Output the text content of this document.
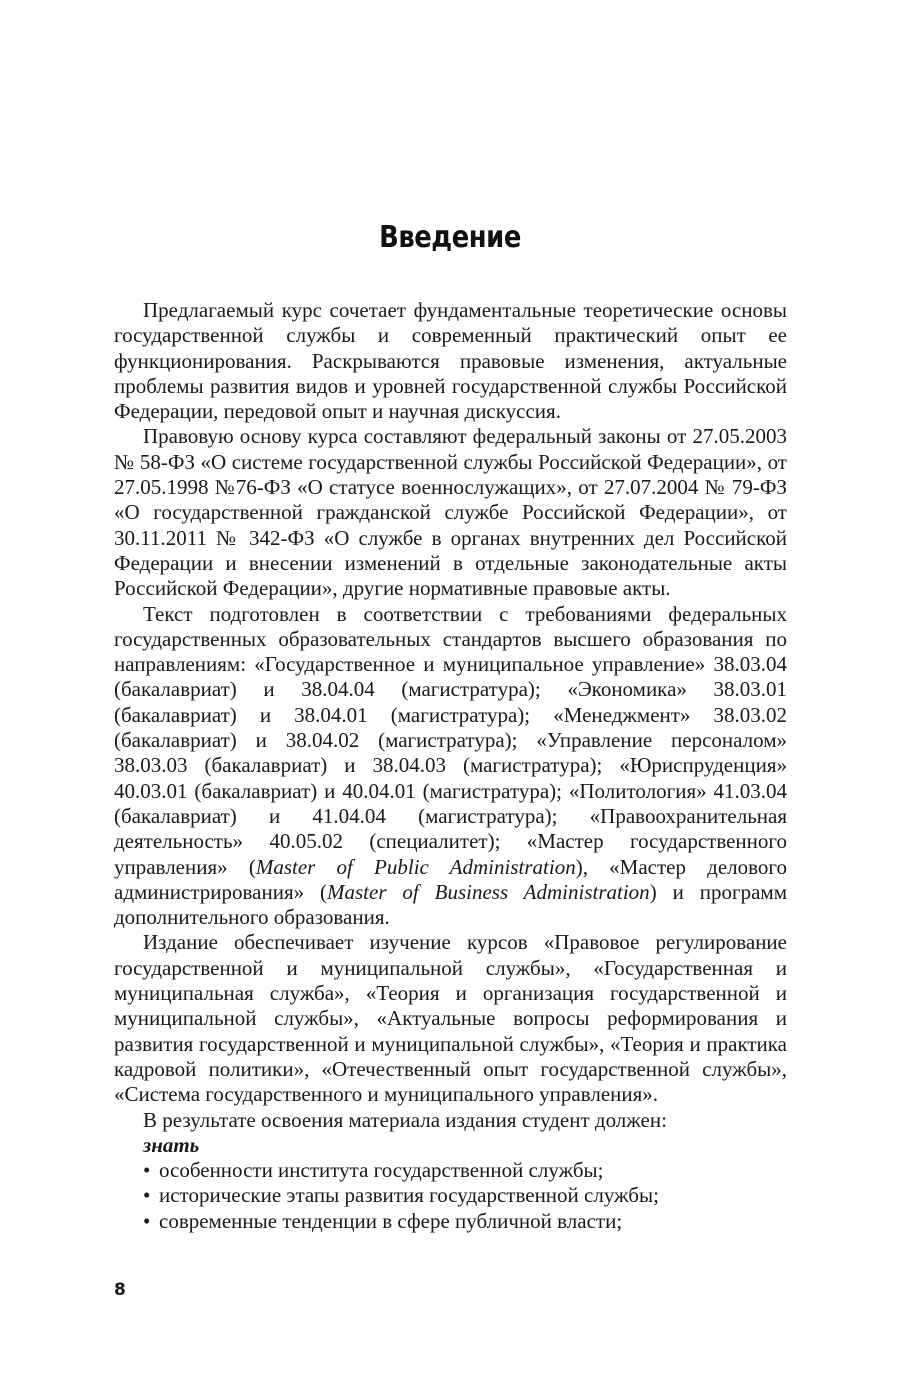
Введение

Предлагаемый курс сочетает фундаментальные теоретические основы государственной службы и современный практический опыт ее функционирования. Раскрываются правовые изменения, актуальные проблемы развития видов и уровней государственной службы Российской Федерации, передовой опыт и научная дискуссия.

Правовую основу курса составляют федеральный законы от 27.05.2003 № 58-ФЗ «О системе государственной службы Российской Федерации», от 27.05.1998 №76-ФЗ «О статусе военнослужащих», от 27.07.2004 № 79-ФЗ «О государственной гражданской службе Российской Федерации», от 30.11.2011 № 342-ФЗ «О службе в органах внутренних дел Российской Федерации и внесении изменений в отдельные законодательные акты Российской Федерации», другие нормативные правовые акты.

Текст подготовлен в соответствии с требованиями федеральных государственных образовательных стандартов высшего образования по направлениям: «Государственное и муниципальное управление» 38.03.04 (бакалавриат) и 38.04.04 (магистратура); «Экономика» 38.03.01 (бакалавриат) и 38.04.01 (магистратура); «Менеджмент» 38.03.02 (бакалавриат) и 38.04.02 (магистратура); «Управление персоналом» 38.03.03 (бакалавриат) и 38.04.03 (магистратура); «Юриспруденция» 40.03.01 (бакалавриат) и 40.04.01 (магистратура); «Политология» 41.03.04 (бакалавриат) и 41.04.04 (магистратура); «Правоохранительная деятельность» 40.05.02 (специалитет); «Мастер государственного управления» (Master of Public Administration), «Мастер делового администрирования» (Master of Business Administration) и программ дополнительного образования.

Издание обеспечивает изучение курсов «Правовое регулирование государственной и муниципальной службы», «Государственная и муниципальная служба», «Теория и организация государственной и муниципальной службы», «Актуальные вопросы реформирования и развития государственной и муниципальной службы», «Теория и практика кадровой политики», «Отечественный опыт государственной службы», «Система государственного и муниципального управления».

В результате освоения материала издания студент должен:
знать
• особенности института государственной службы;
• исторические этапы развития государственной службы;
• современные тенденции в сфере публичной власти;
8
